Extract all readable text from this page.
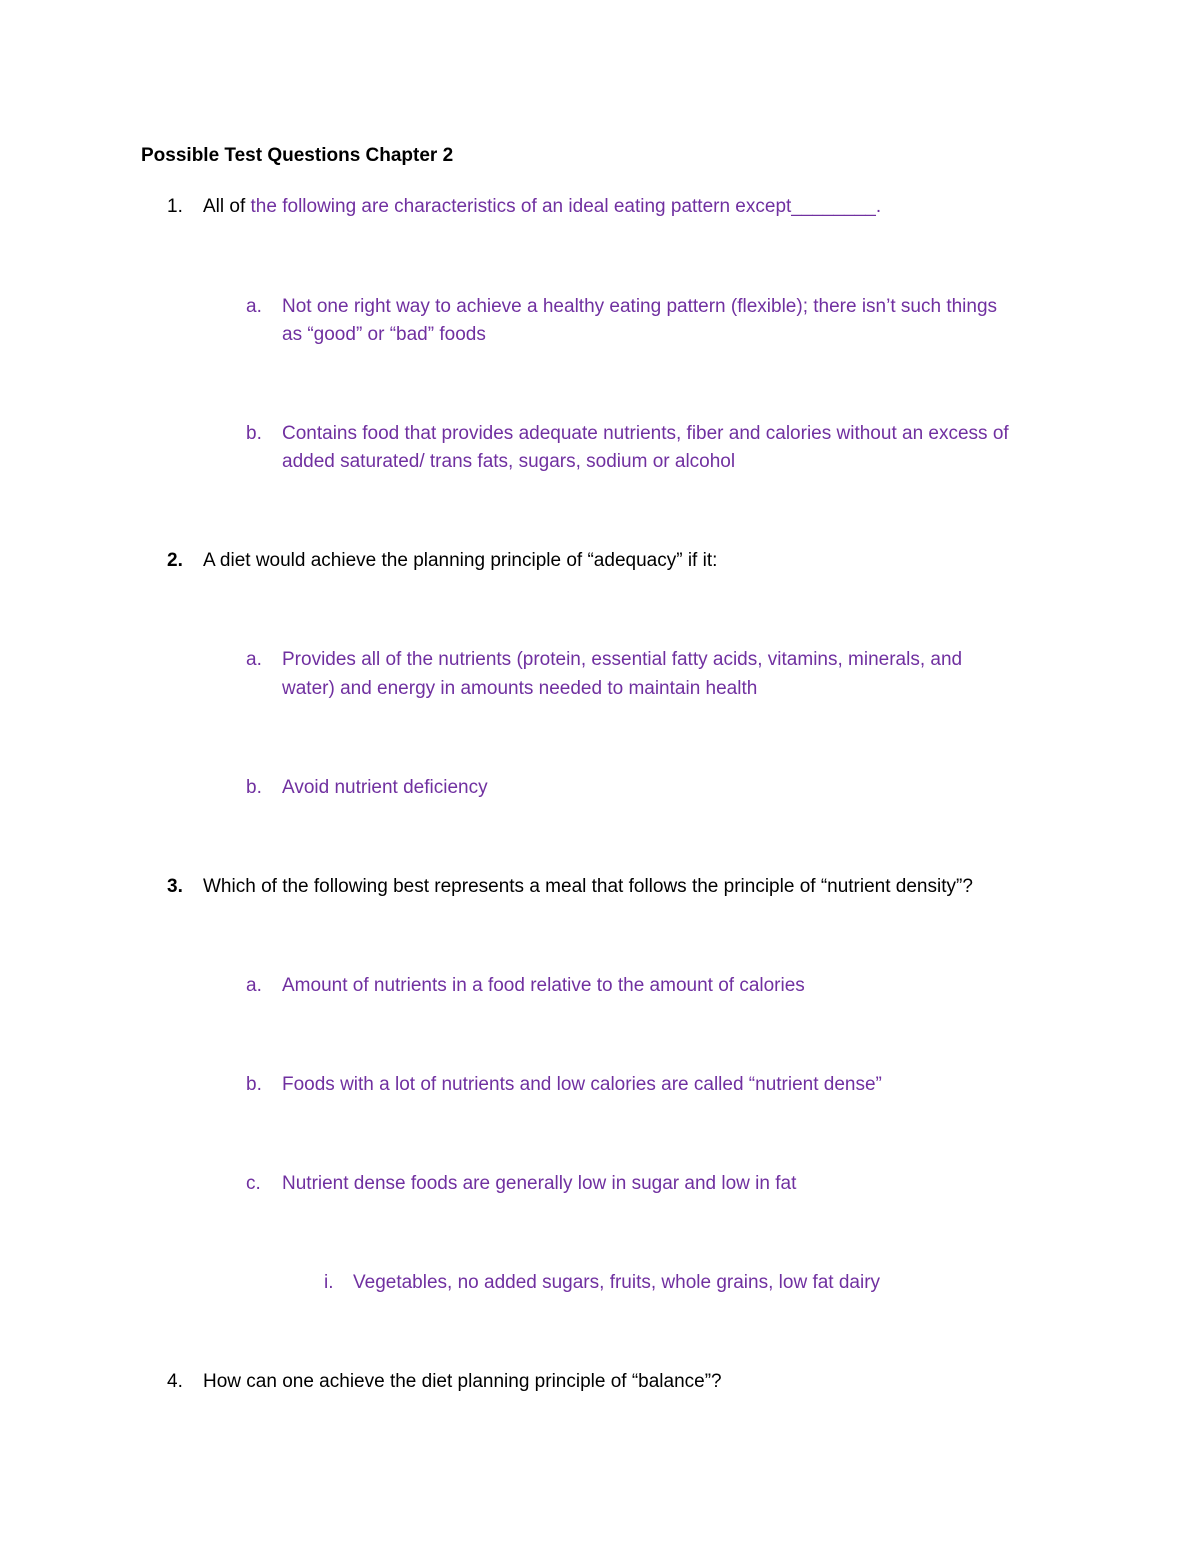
Possible Test Questions Chapter 2

1. All of the following are characteristics of an ideal eating pattern except________.

a. Not one right way to achieve a healthy eating pattern (flexible); there isn’t such things

as “good” or “bad” foods

b. Contains food that provides adequate nutrients, fiber and calories without an excess of

added saturated/ trans fats, sugars, sodium or alcohol

2. A diet would achieve the planning principle of “adequacy” if it:

a. Provides all of the nutrients (protein, essential fatty acids, vitamins, minerals, and

water) and energy in amounts needed to maintain health

b. Avoid nutrient deficiency

3. Which of the following best represents a meal that follows the principle of “nutrient density”?

a. Amount of nutrients in a food relative to the amount of calories

b. Foods with a lot of nutrients and low calories are called “nutrient dense”

c. Nutrient dense foods are generally low in sugar and low in fat

i. Vegetables, no added sugars, fruits, whole grains, low fat dairy

4. How can one achieve the diet planning principle of “balance”?
